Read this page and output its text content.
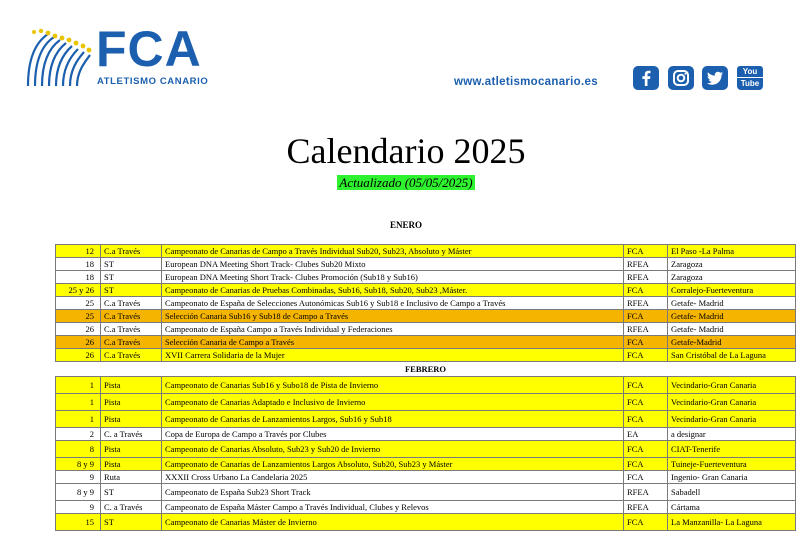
FCA
ATLETISMO CANARIO	www.atletismocanario.es
You
Tube
Calendario 2025
Actualizado (05/05/2025)
ENERO
12	C.a Través	Campeonato de Canarias de Campo a Través Individual Sub20, Sub23, Absoluto y Máster	FCA	El Paso -La Palma
18	ST	European DNA Meeting Short Track- Clubes Sub20 Mixto	RFEA	Zaragoza
18	ST	European DNA Meeting Short Track- Clubes Promoción (Sub18 y Sub16)	RFEA	Zaragoza
25 y 26	ST	Campeonato de Canarias de Pruebas Combinadas, Sub16, Sub18, Sub20, Sub23 ,Máster.	FCA	Corralejo-Fuerteventura
25	C.a Través	Campeonato de España de Selecciones Autonómicas Sub16 y Sub18 e Inclusivo de Campo a Través	RFEA	Getafe- Madrid
25	C.a Través	Selección Canaria Sub16 y Sub18 de Campo a Través	FCA	Getafe- Madrid
26	C.a Través	Campeonato de España Campo a Través Individual y Federaciones	RFEA	Getafe- Madrid
26	C.a Través	Selección Canaria de Campo a Través	FCA	Getafe-Madrid
26	C.a Través	XVII Carrera Solidaria de la Mujer	FCA	San Cristóbal de La Laguna
FEBRERO				
1	Pista	Campeonato de Canarias Sub16 y Subo18 de Pista de Invierno	FCA	Vecindario-Gran Canaria
1	Pista	Campeonato de Canarias Adaptado e Inclusivo de Invierno	FCA	Vecindario-Gran Canaria
1	Pista	Campeonato de Canarias de Lanzamientos Largos, Sub16 y Sub18	FCA	Vecindario-Gran Canaria
2	C. a Través	Copa de Europa de Campo a Través por Clubes	EA	a designar
8	Pista	Campeonato de Canarias Absoluto, Sub23 y Sub20 de Invierno	FCA	CIAT-Tenerife
8 y 9	Pista	Campeonato de Canarias de Lanzamientos Largos Absoluto, Sub20, Sub23 y Máster	FCA	Tuineje-Fuerteventura
9	Ruta	XXXII Cross Urbano La Candelaria 2025	FCA	Ingenio- Gran Canaria
8 y 9	ST	Campeonato de España Sub23 Short Track	RFEA	Sabadell
9	C. a Través	Campeonato de España Máster Campo a Través Individual, Clubes y Relevos	RFEA	Cártama
15	ST	Campeonato de Canarias Máster de Invierno	FCA	La Manzanilla- La Laguna
